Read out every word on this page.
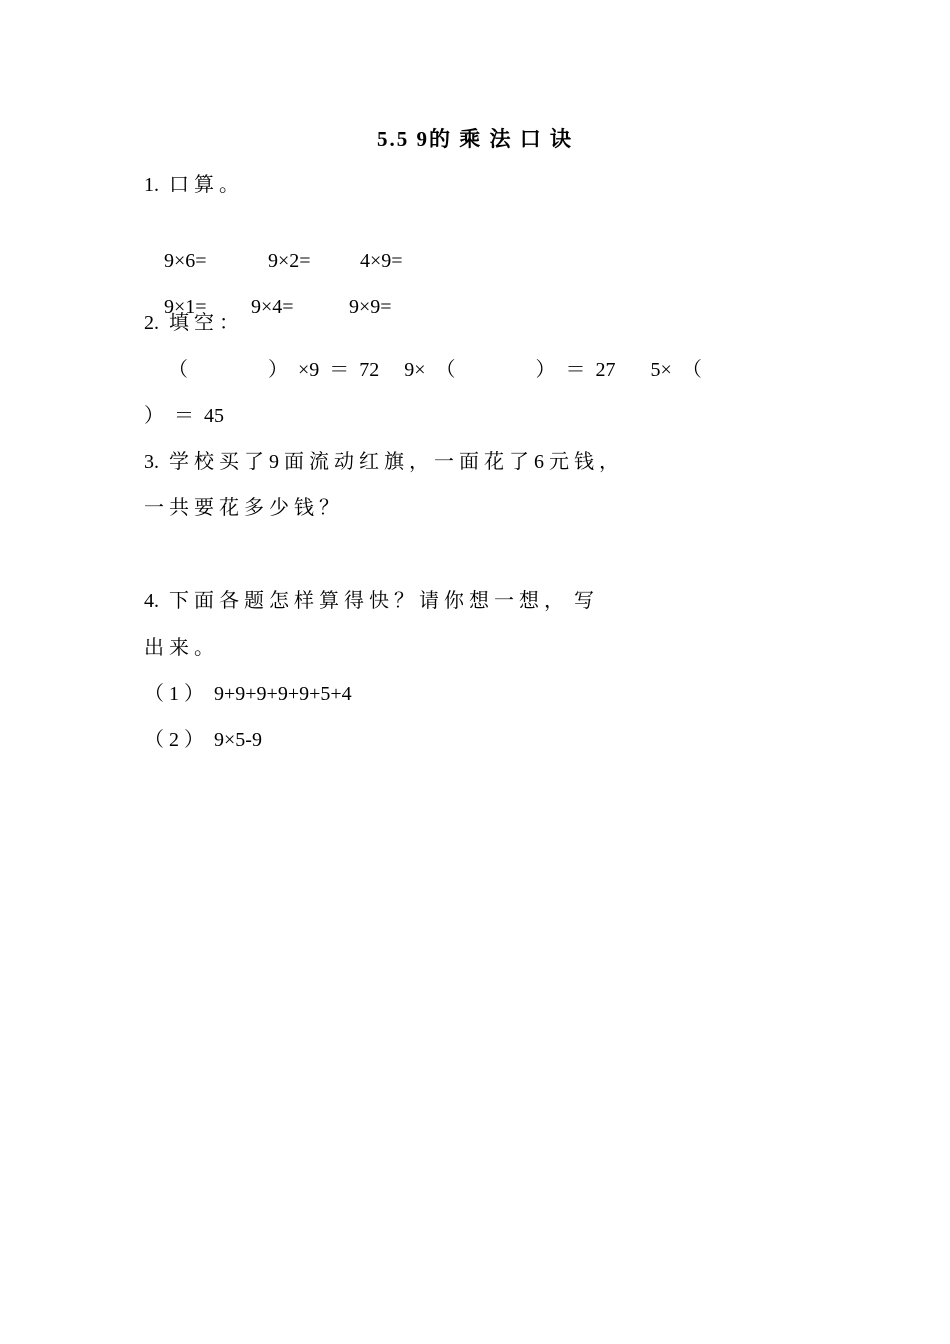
5.5 9的 乘 法 口 诀
1.  口 算 。

9×6=	9×2= 4×9=

9×1= 9×4=	9×9=

2.  填 空 ：
（　　　　）  ×9  ＝  72     9×  （　　　　）  ＝  27       5×  （
）  ＝  45
3.  学 校 买 了 9 面 流 动 红 旗 ， 一 面 花 了 6 元 钱 ，
一 共 要 花 多 少 钱 ？
4.  下 面 各 题 怎 样 算 得 快 ？ 请 你 想 一 想 ，  写
出 来 。
（ 1 ）  9+9+9+9+9+5+4
（ 2 ）  9×5-9
